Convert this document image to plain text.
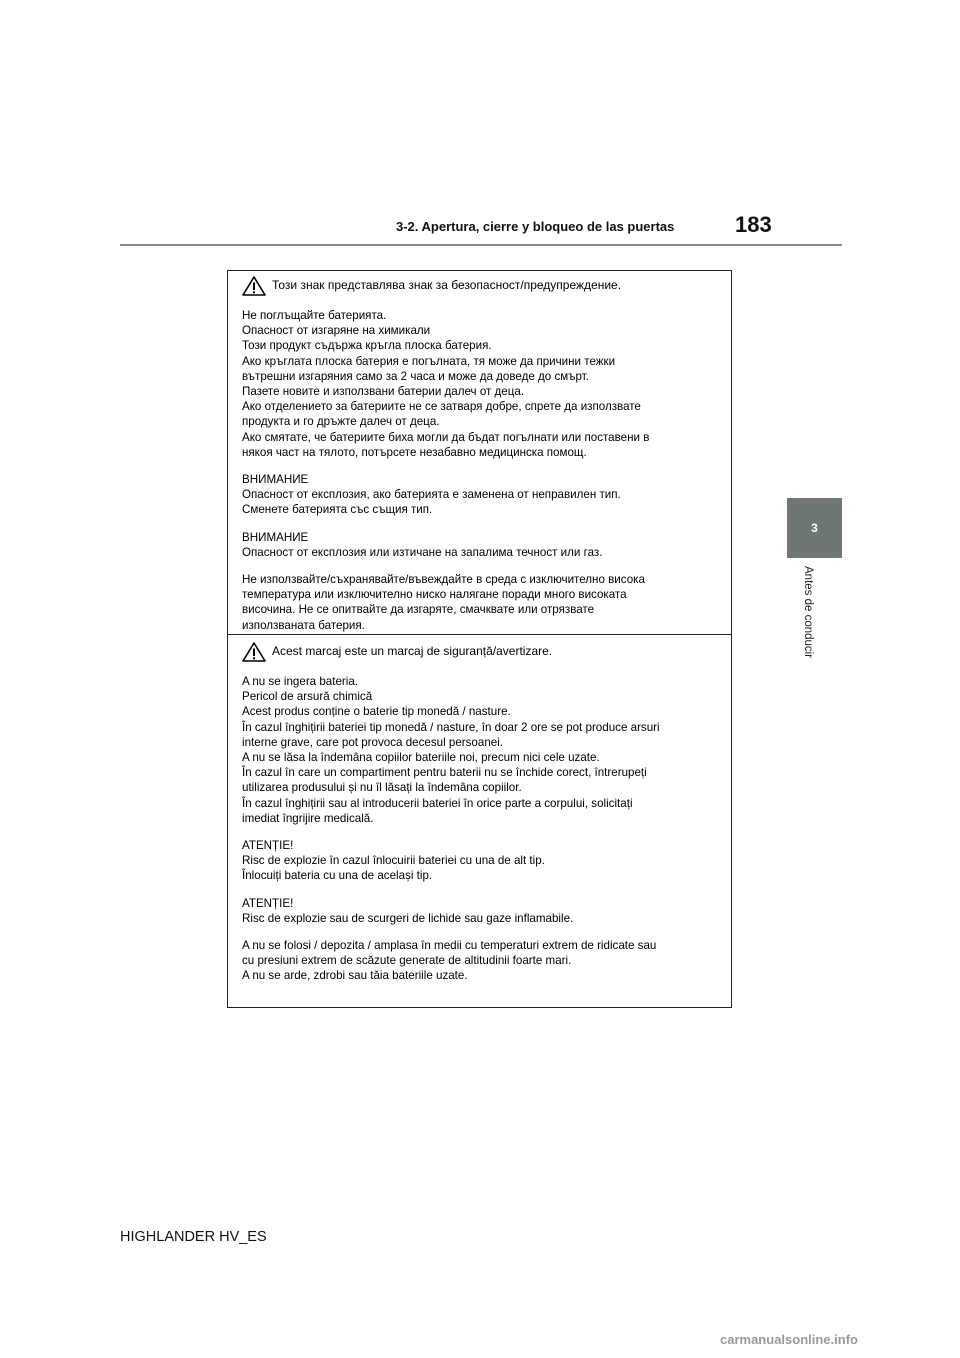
3-2. Apertura, cierre y bloqueo de las puertas	183
3
Antes de conducir
Този знак представлява знак за безопасност/предупреждение.
Не поглъщайте батерията.
Опасност от изгаряне на химикали
Този продукт съдържа кръгла плоска батерия.
Ако кръглата плоска батерия е погълната, тя може да причини тежки
вътрешни изгаряния само за 2 часа и може да доведе до смърт.
Пазете новите и използвани батерии далеч от деца.
Ако отделението за батериите не се затваря добре, спрете да използвате
продукта и го дръжте далеч от деца.
Ако смятате, че батериите биха могли да бъдат погълнати или поставени в
някоя част на тялото, потърсете незабавно медицинска помощ.
ВНИМАНИЕ
Опасност от експлозия, ако батерията е заменена от неправилен тип.
Сменете батерията със същия тип.
ВНИМАНИЕ
Опасност от експлозия или изтичане на запалима течност или газ.
Не използвайте/съхранявайте/въвеждайте в среда с изключително висока
температура или изключително ниско налягане поради много високата
височина. Не се опитвайте да изгаряте, смачквате или отрязвате
използваната батерия.
Acest marcaj este un marcaj de siguranță/avertizare.
A nu se ingera bateria.
Pericol de arsură chimică
Acest produs conține o baterie tip monedă / nasture.
În cazul înghițirii bateriei tip monedă / nasture, în doar 2 ore se pot produce arsuri
interne grave, care pot provoca decesul persoanei.
A nu se lăsa la îndemâna copiilor bateriile noi, precum nici cele uzate.
În cazul în care un compartiment pentru baterii nu se închide corect, întrerupeți
utilizarea produsului și nu îl lăsați la îndemâna copiilor.
În cazul înghițirii sau al introducerii bateriei în orice parte a corpului, solicitați
imediat îngrijire medicală.
ATENȚIE!
Risc de explozie în cazul înlocuirii bateriei cu una de alt tip.
Înlocuiți bateria cu una de același tip.
ATENȚIE!
Risc de explozie sau de scurgeri de lichide sau gaze inflamabile.
A nu se folosi / depozita / amplasa în medii cu temperaturi extrem de ridicate sau
cu presiuni extrem de scăzute generate de altitudinii foarte mari.
A nu se arde, zdrobi sau tăia bateriile uzate.
HIGHLANDER HV_ES
carmanualsonline.info
